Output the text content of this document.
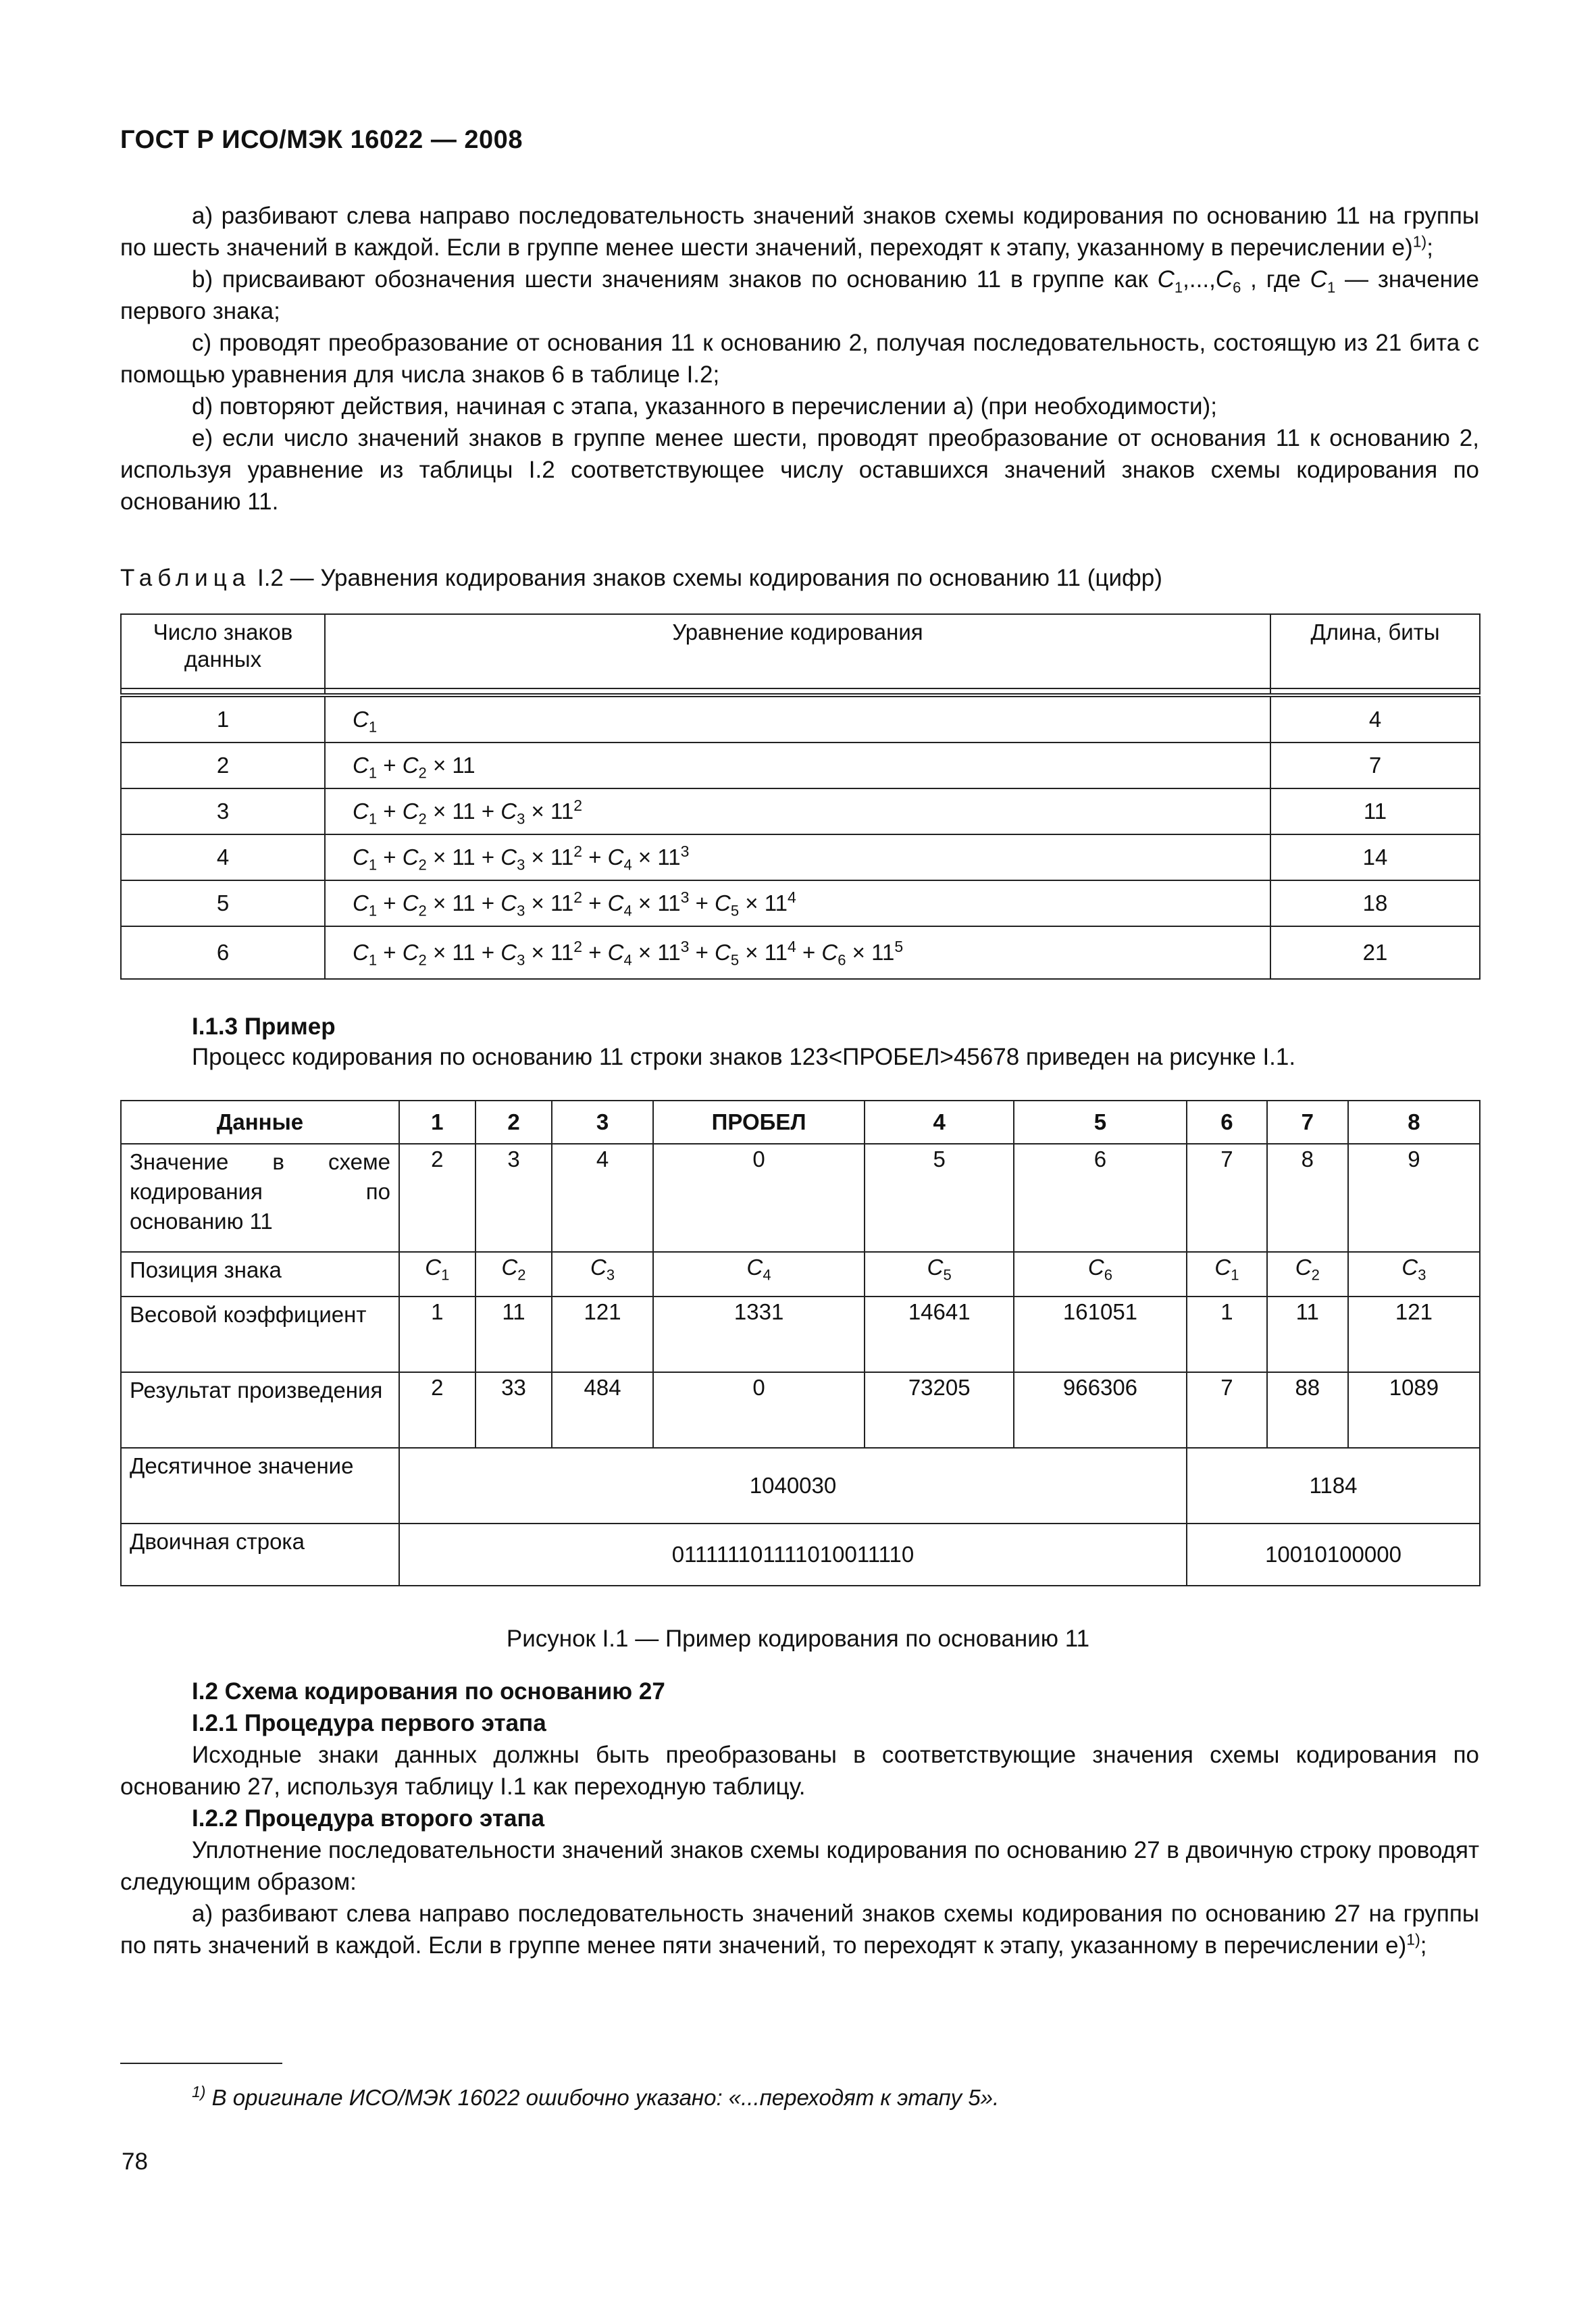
ГОСТ Р ИСО/МЭК 16022 — 2008

а) разбивают слева направо последовательность значений знаков схемы кодирования по основанию 11 на группы по шесть значений в каждой. Если в группе менее шести значений, переходят к этапу, указанному в перечислении е)$^{1)}$;

b) присваивают обозначения шести значениям знаков по основанию 11 в группе как $C_1,...,C_6$ , где $C_1$ — значение первого знака;

с) проводят преобразование от основания 11 к основанию 2, получая последовательность, состоящую из 21 бита с помощью уравнения для числа знаков 6 в таблице I.2;

d) повторяют действия, начиная с этапа, указанного в перечислении а) (при необходимости);

е) если число значений знаков в группе менее шести, проводят преобразование от основания 11 к основанию 2, используя уравнение из таблицы I.2 соответствующее числу оставшихся значений знаков схемы кодирования по основанию 11.

Таблица I.2 — Уравнения кодирования знаков схемы кодирования по основанию 11 (цифр)
Число знаков данных	Уравнение кодирования	Длина, биты

1	$C_1$	4
2	$C_1 + C_2 \times 11$	7
3	$C_1 + C_2 \times 11 + C_3 \times 11^2$	11
4	$C_1 + C_2 \times 11 + C_3 \times 11^2 + C_4 \times 11^3$	14
5	$C_1 + C_2 \times 11 + C_3 \times 11^2 + C_4 \times 11^3 + C_5 \times 11^4$	18
6	$C_1 + C_2 \times 11 + C_3 \times 11^2 + C_4 \times 11^3 + C_5 \times 11^4 + C_6 \times 11^5$	21
I.1.3 Пример
Процесс кодирования по основанию 11 строки знаков 123<ПРОБЕЛ>45678 приведен на рисунке I.1.
Данные	1	2	3	ПРОБЕЛ	4	5	6	7	8
Значение в схеме кодирования по основанию 11	2	3	4	0	5	6	7	8	9
Позиция знака	$C_1$	$C_2$	$C_3$	$C_4$	$C_5$	$C_6$	$C_1$	$C_2$	$C_3$
Весовой коэффициент	1	11	121	1331	14641	161051	1	11	121
Результат произведения	2	33	484	0	73205	966306	7	88	1089
Десятичное значение	1040030						1184		
Двоичная строка	011111101111010011110						10010100000		
Рисунок I.1 — Пример кодирования по основанию 11

I.2 Схема кодирования по основанию 27

I.2.1 Процедура первого этапа

Исходные знаки данных должны быть преобразованы в соответствующие значения схемы кодирования по основанию 27, используя таблицу I.1 как переходную таблицу.

I.2.2 Процедура второго этапа

Уплотнение последовательности значений знаков схемы кодирования по основанию 27 в двоичную строку проводят следующим образом:

а) разбивают слева направо последовательность значений знаков схемы кодирования по основанию 27 на группы по пять значений в каждой. Если в группе менее пяти значений, то переходят к этапу, указанному в перечислении е)$^{1)}$;

$^{1)}$ В оригинале ИСО/МЭК 16022 ошибочно указано: «...переходят к этапу 5».
78
